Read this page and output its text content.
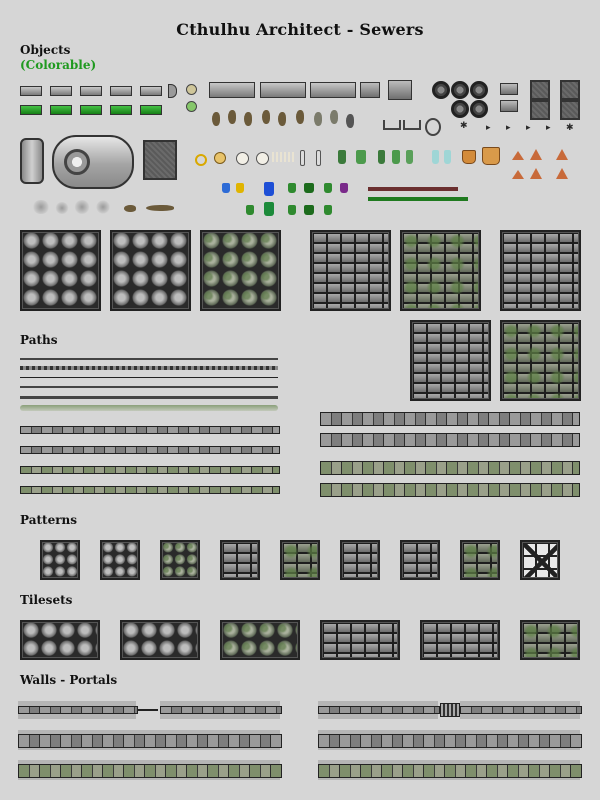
Cthulhu Architect - Sewers
Objects
(Colorable)
Paths
Patterns
Tilesets
Walls - Portals
✱ ▸ ▸ ▸ ▸ ✱
